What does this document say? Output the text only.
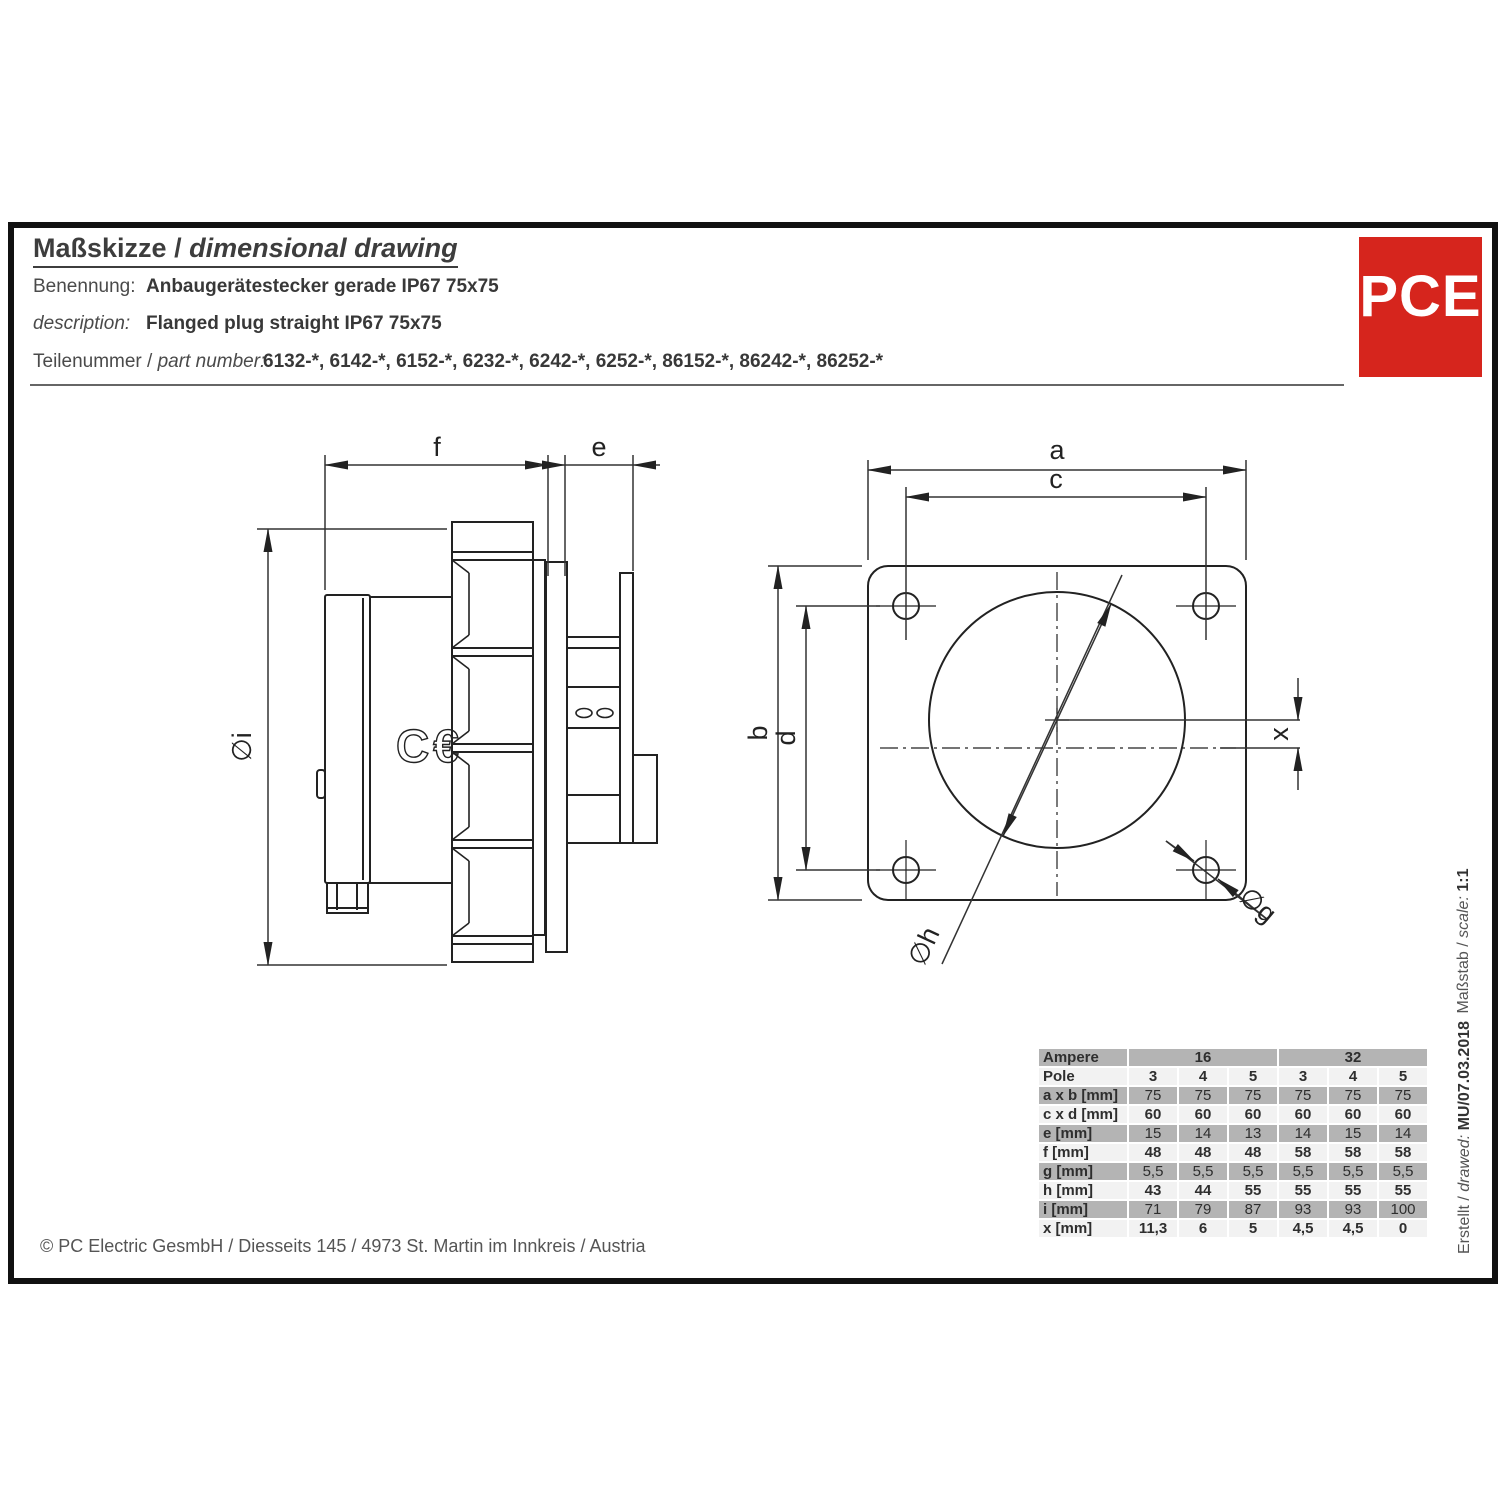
Maßskizze / dimensional drawing
Benennung: Anbaugerätestecker gerade IP67 75x75
description: Flanged plug straight IP67 75x75
Teilenummer / part number:
6132-*, 6142-*, 6152-*, 6232-*, 6242-*, 6252-*, 86152-*, 86242-*, 86252-*
PCE
C€
f	e
∅i
a
c
b
d	x
∅h
∅g
Ampere	16			32		
Pole	3	4	5	3	4	5
a x b [mm]	75	75	75	75	75	75
c x d [mm]	60	60	60	60	60	60
e [mm]	15	14	13	14	15	14
f [mm]	48	48	48	58	58	58
g [mm]	5,5	5,5	5,5	5,5	5,5	5,5
h [mm]	43	44	55	55	55	55
i [mm]	71	79	87	93	93	100
x [mm]	11,3	6	5	4,5	4,5	0
Maßstab / scale: 1:1
Erstellt / drawed: MU/07.03.2018
© PC Electric GesmbH / Diesseits 145 / 4973 St. Martin im Innkreis / Austria
